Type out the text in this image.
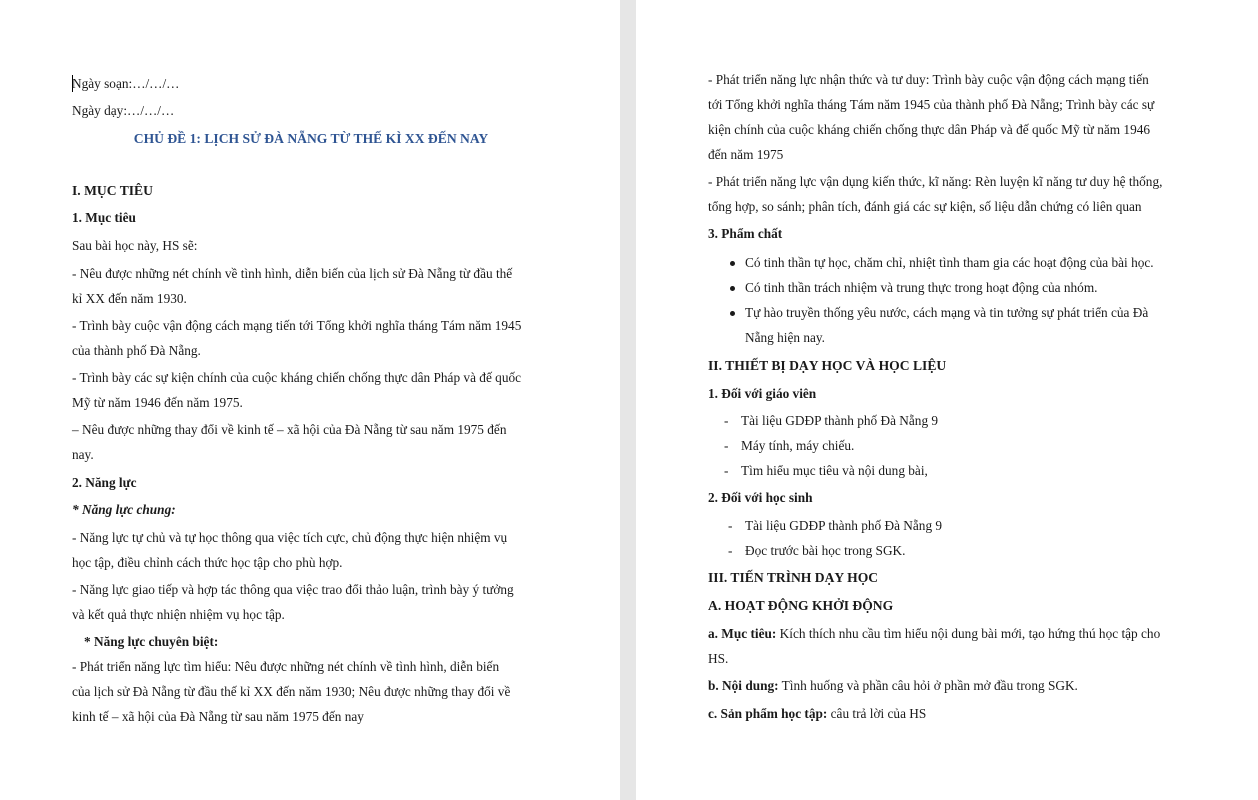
Ngày soạn:…/…/…
Ngày dạy:…/…/…
CHỦ ĐỀ 1: LỊCH SỬ ĐÀ NẴNG TỪ THẾ KÌ XX ĐẾN NAY
I. MỤC TIÊU
1. Mục tiêu
Sau bài học này, HS sẽ:
- Nêu được những nét chính về tình hình, diễn biến của lịch sử Đà Nẵng từ đầu thế
kỉ XX đến năm 1930.
- Trình bày cuộc vận động cách mạng tiến tới Tổng khởi nghĩa tháng Tám năm 1945
của thành phố Đà Nẵng.
- Trình bày các sự kiện chính của cuộc kháng chiến chống thực dân Pháp và đế quốc
Mỹ từ năm 1946 đến năm 1975.
– Nêu được những thay đổi về kinh tế – xã hội của Đà Nẵng từ sau năm 1975 đến
nay.
2. Năng lực
* Năng lực chung:
- Năng lực tự chủ và tự học thông qua việc tích cực, chủ động thực hiện nhiệm vụ
học tập, điều chỉnh cách thức học tập cho phù hợp.
- Năng lực giao tiếp và hợp tác thông qua việc trao đổi thảo luận, trình bày ý tưởng
và kết quả thực nhiện nhiệm vụ học tập.
* Năng lực chuyên biệt:
- Phát triển năng lực tìm hiểu: Nêu được những nét chính về tình hình, diễn biến
của lịch sử Đà Nẵng từ đầu thế kỉ XX đến năm 1930; Nêu được những thay đổi về
kinh tế – xã hội của Đà Nẵng từ sau năm 1975 đến nay
- Phát triển năng lực nhận thức và tư duy: Trình bày cuộc vận động cách mạng tiến
tới Tổng khởi nghĩa tháng Tám năm 1945 của thành phố Đà Nẵng; Trình bày các sự
kiện chính của cuộc kháng chiến chống thực dân Pháp và đế quốc Mỹ từ năm 1946
đến năm 1975
- Phát triển năng lực vận dụng kiến thức, kĩ năng: Rèn luyện kĩ năng tư duy hệ thống,
tổng hợp, so sánh; phân tích, đánh giá các sự kiện, số liệu dẫn chứng có liên quan
3. Phẩm chất
Có tinh thần tự học, chăm chỉ, nhiệt tình tham gia các hoạt động của bài học.
Có tinh thần trách nhiệm và trung thực trong hoạt động của nhóm.
Tự hào truyền thống yêu nước, cách mạng và tin tưởng sự phát triển của Đà
Nẵng hiện nay.
II. THIẾT BỊ DẠY HỌC VÀ HỌC LIỆU
1. Đối với giáo viên
- Tài liệu GDĐP thành phố Đà Nẵng 9
- Máy tính, máy chiếu.
- Tìm hiểu mục tiêu và nội dung bài,
2. Đối với học sinh
- Tài liệu GDĐP thành phố Đà Nẵng 9
- Đọc trước bài học trong SGK.
III. TIẾN TRÌNH DẠY HỌC
A. HOẠT ĐỘNG KHỞI ĐỘNG
a. Mục tiêu: Kích thích nhu cầu tìm hiểu nội dung bài mới, tạo hứng thú học tập cho
HS.
b. Nội dung: Tình huống và phần câu hỏi ở phần mở đầu trong SGK.
c. Sản phẩm học tập: câu trả lời của HS
